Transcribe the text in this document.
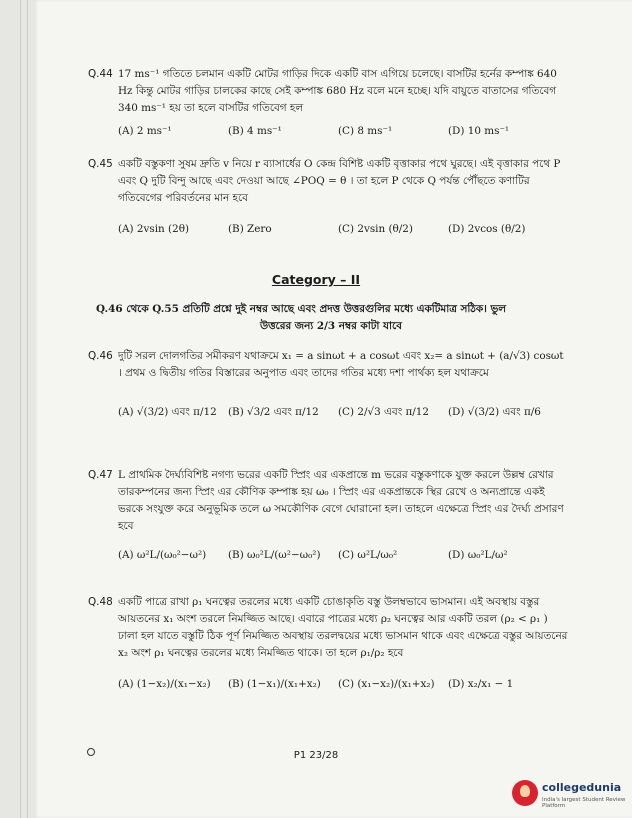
Q.44 17 ms⁻¹ গতিতে চলমান একটি মোটর গাড়ির দিকে একটি বাস এগিয়ে চলেছে। বাসটির হর্নের কম্পাঙ্ক 640 Hz কিন্তু মোটর গাড়ির চালকের কাছে সেই কম্পাঙ্ক 680 Hz বলে মনে হচ্ছে। যদি বায়ুতে বাতাসের গতিবেগ 340 ms⁻¹ হয় তা হলে বাসটির গতিবেগ হল
(A) 2 ms⁻¹	(B) 4 ms⁻¹	(C) 8 ms⁻¹	(D) 10 ms⁻¹
Q.45 একটি বস্তুকণা সুষম দ্রুতি v নিয়ে r ব্যাসার্ধের O কেন্দ্র বিশিষ্ট একটি বৃত্তাকার পথে ঘুরছে। এই বৃত্তাকার পথে P এবং Q দুটি বিন্দু আছে এবং দেওয়া আছে ∠POQ = θ । তা হলে P থেকে Q পর্যন্ত পৌঁছতে কণাটির গতিবেগের পরিবর্তনের মান হবে
(A) 2vsin (2θ)	(B) Zero	(C) 2vsin (θ/2)	(D) 2vcos (θ/2)
Category – II
Q.46 থেকে Q.55 প্রতিটি প্রশ্নে দুই নম্বর আছে এবং প্রদত্ত উত্তরগুলির মধ্যে একটিমাত্র সঠিক। ভুল
উত্তরের জন্য 2/3 নম্বর কাটা যাবে
Q.46 দুটি সরল দোলগতির সমীকরণ যথাক্রমে x₁ = a sinωt + a cosωt এবং x₂= a sinωt + (a/√3) cosωt । প্রথম ও দ্বিতীয় গতির বিস্তারের অনুপাত এবং তাদের গতির মধ্যে দশা পার্থক্য হল যথাক্রমে
(A) √(3/2) এবং π/12 (B) √3/2 এবং π/12 (C) 2/√3 এবং π/12 (D) √(3/2) এবং π/6
Q.47 L প্রাথমিক দৈর্ঘ্যবিশিষ্ট নগণ্য ভরের একটি স্প্রিং এর একপ্রান্তে m ভরের বস্তুকণাকে যুক্ত করলে উল্লম্ব রেখার তারকম্পনের জন্য স্প্রিং এর কৌণিক কম্পাঙ্ক হয় ω₀ । স্প্রিং এর একপ্রান্তকে স্থির রেখে ও অন্যপ্রান্তে একই ভরকে সংযুক্ত করে অনুভূমিক তলে ω সমকৌণিক বেগে ঘোরানো হল। তাহলে এক্ষেত্রে স্প্রিং এর দৈর্ঘ্য প্রসারণ হবে
(A) ω²L/(ω₀²−ω²) (B) ω₀²L/(ω²−ω₀²) (C) ω²L/ω₀²	(D) ω₀²L/ω²
Q.48 একটি পাত্রে রাখা ρ₁ ঘনত্বের তরলের মধ্যে একটি চোঙাকৃতি বস্তু উলম্বভাবে ভাসমান। এই অবস্থায় বস্তুর আয়তনের x₁ অংশ তরলে নিমজ্জিত আছে। এবারে পাত্রের মধ্যে ρ₂ ঘনত্বের আর একটি তরল (ρ₂ < ρ₁ ) ঢালা হল যাতে বস্তুটি ঠিক পূর্ণ নিমজ্জিত অবস্থায় তরলদ্বয়ের মধ্যে ভাসমান থাকে এবং এক্ষেত্রে বস্তুর আয়তনের x₂ অংশ ρ₁ ঘনত্বের তরলের মধ্যে নিমজ্জিত থাকে। তা হলে ρ₁/ρ₂ হবে
(A) (1−x₂)/(x₁−x₂) (B) (1−x₁)/(x₁+x₂) (C) (x₁−x₂)/(x₁+x₂) (D) x₂/x₁ − 1
P1 23/28
collegedunia
India's largest Student Review Platform
